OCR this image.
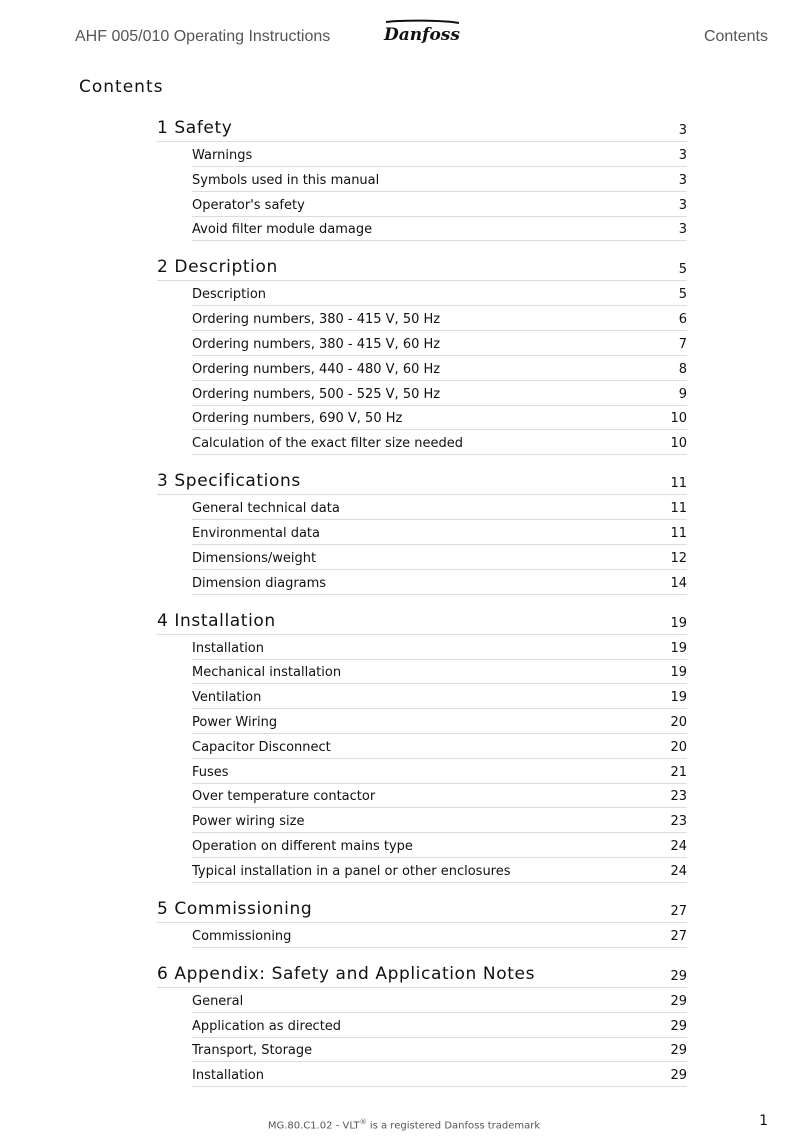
AHF 005/010 Operating Instructions	Danfoss	Contents
Contents
1 Safety	3
Warnings	3
Symbols used in this manual	3
Operator's safety	3
Avoid filter module damage	3
2 Description	5
Description	5
Ordering numbers, 380 - 415 V, 50 Hz	6
Ordering numbers, 380 - 415 V, 60 Hz	7
Ordering numbers, 440 - 480 V, 60 Hz	8
Ordering numbers, 500 - 525 V, 50 Hz	9
Ordering numbers, 690 V, 50 Hz	10
Calculation of the exact filter size needed	10
3 Specifications	11
General technical data	11
Environmental data	11
Dimensions/weight	12
Dimension diagrams	14
4 Installation	19
Installation	19
Mechanical installation	19
Ventilation	19
Power Wiring	20
Capacitor Disconnect	20
Fuses	21
Over temperature contactor	23
Power wiring size	23
Operation on different mains type	24
Typical installation in a panel or other enclosures	24
5 Commissioning	27
Commissioning	27
6 Appendix: Safety and Application Notes	29
General	29
Application as directed	29
Transport, Storage	29
Installation	29
MG.80.C1.02 - VLT® is a registered Danfoss trademark	1
